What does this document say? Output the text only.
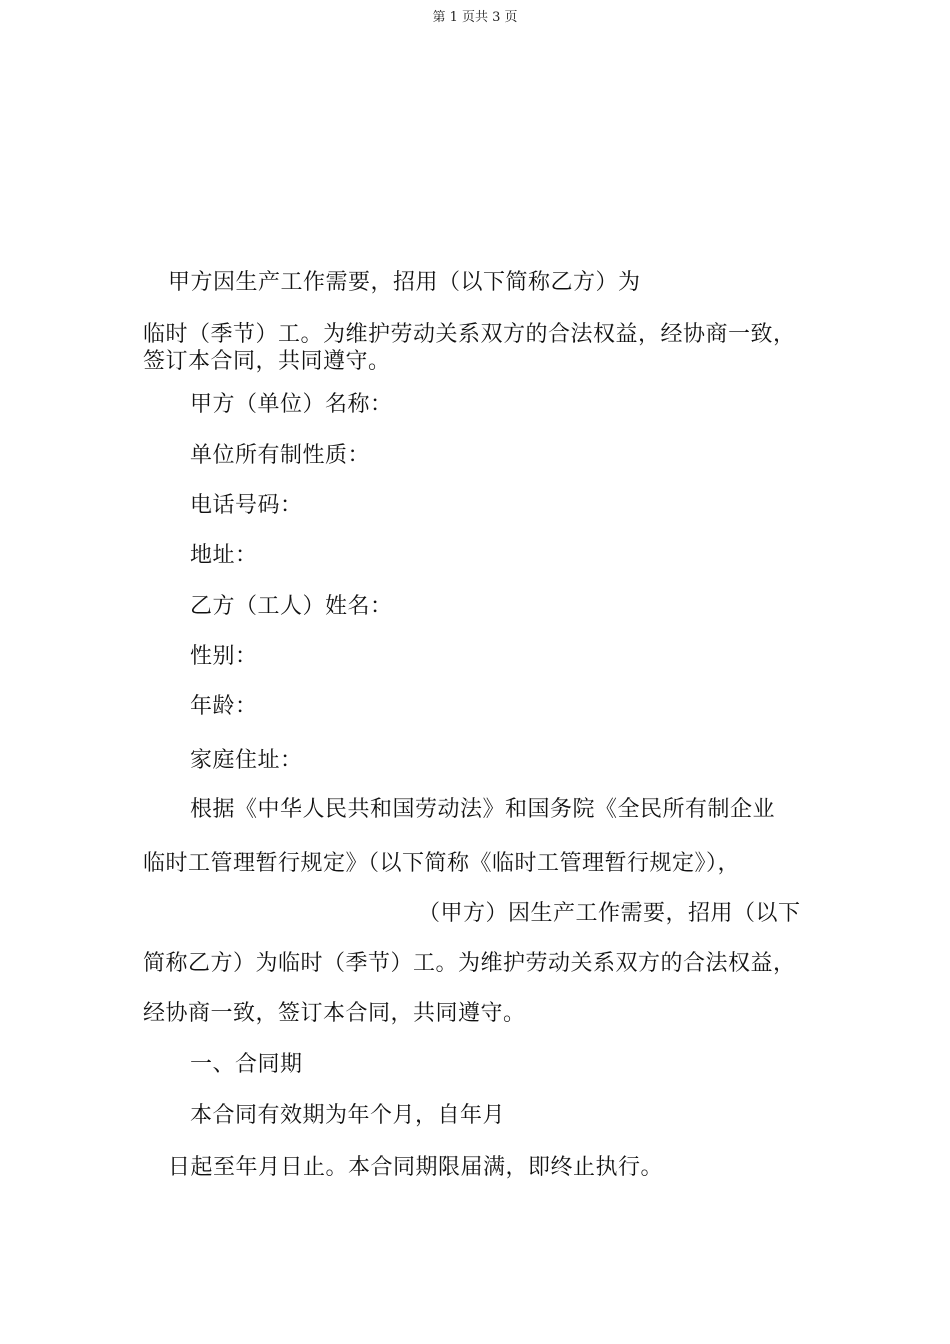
第 1 页共 3 页
甲方因生产工作需要，招用（以下简称乙方）为
临时（季节）工。为维护劳动关系双方的合法权益，经协商一致，
签订本合同，共同遵守。
甲方（单位）名称：
单位所有制性质：
电话号码：
地址：
乙方（工人）姓名：
性别：
年龄：
家庭住址：
根据《中华人民共和国劳动法》和国务院《全民所有制企业
临时工管理暂行规定》（以下简称《临时工管理暂行规定》），
（甲方）因生产工作需要，招用（以下
简称乙方）为临时（季节）工。为维护劳动关系双方的合法权益，
经协商一致，签订本合同，共同遵守。
一、合同期
本合同有效期为年个月，自年月
日起至年月日止。本合同期限届满，即终止执行。
